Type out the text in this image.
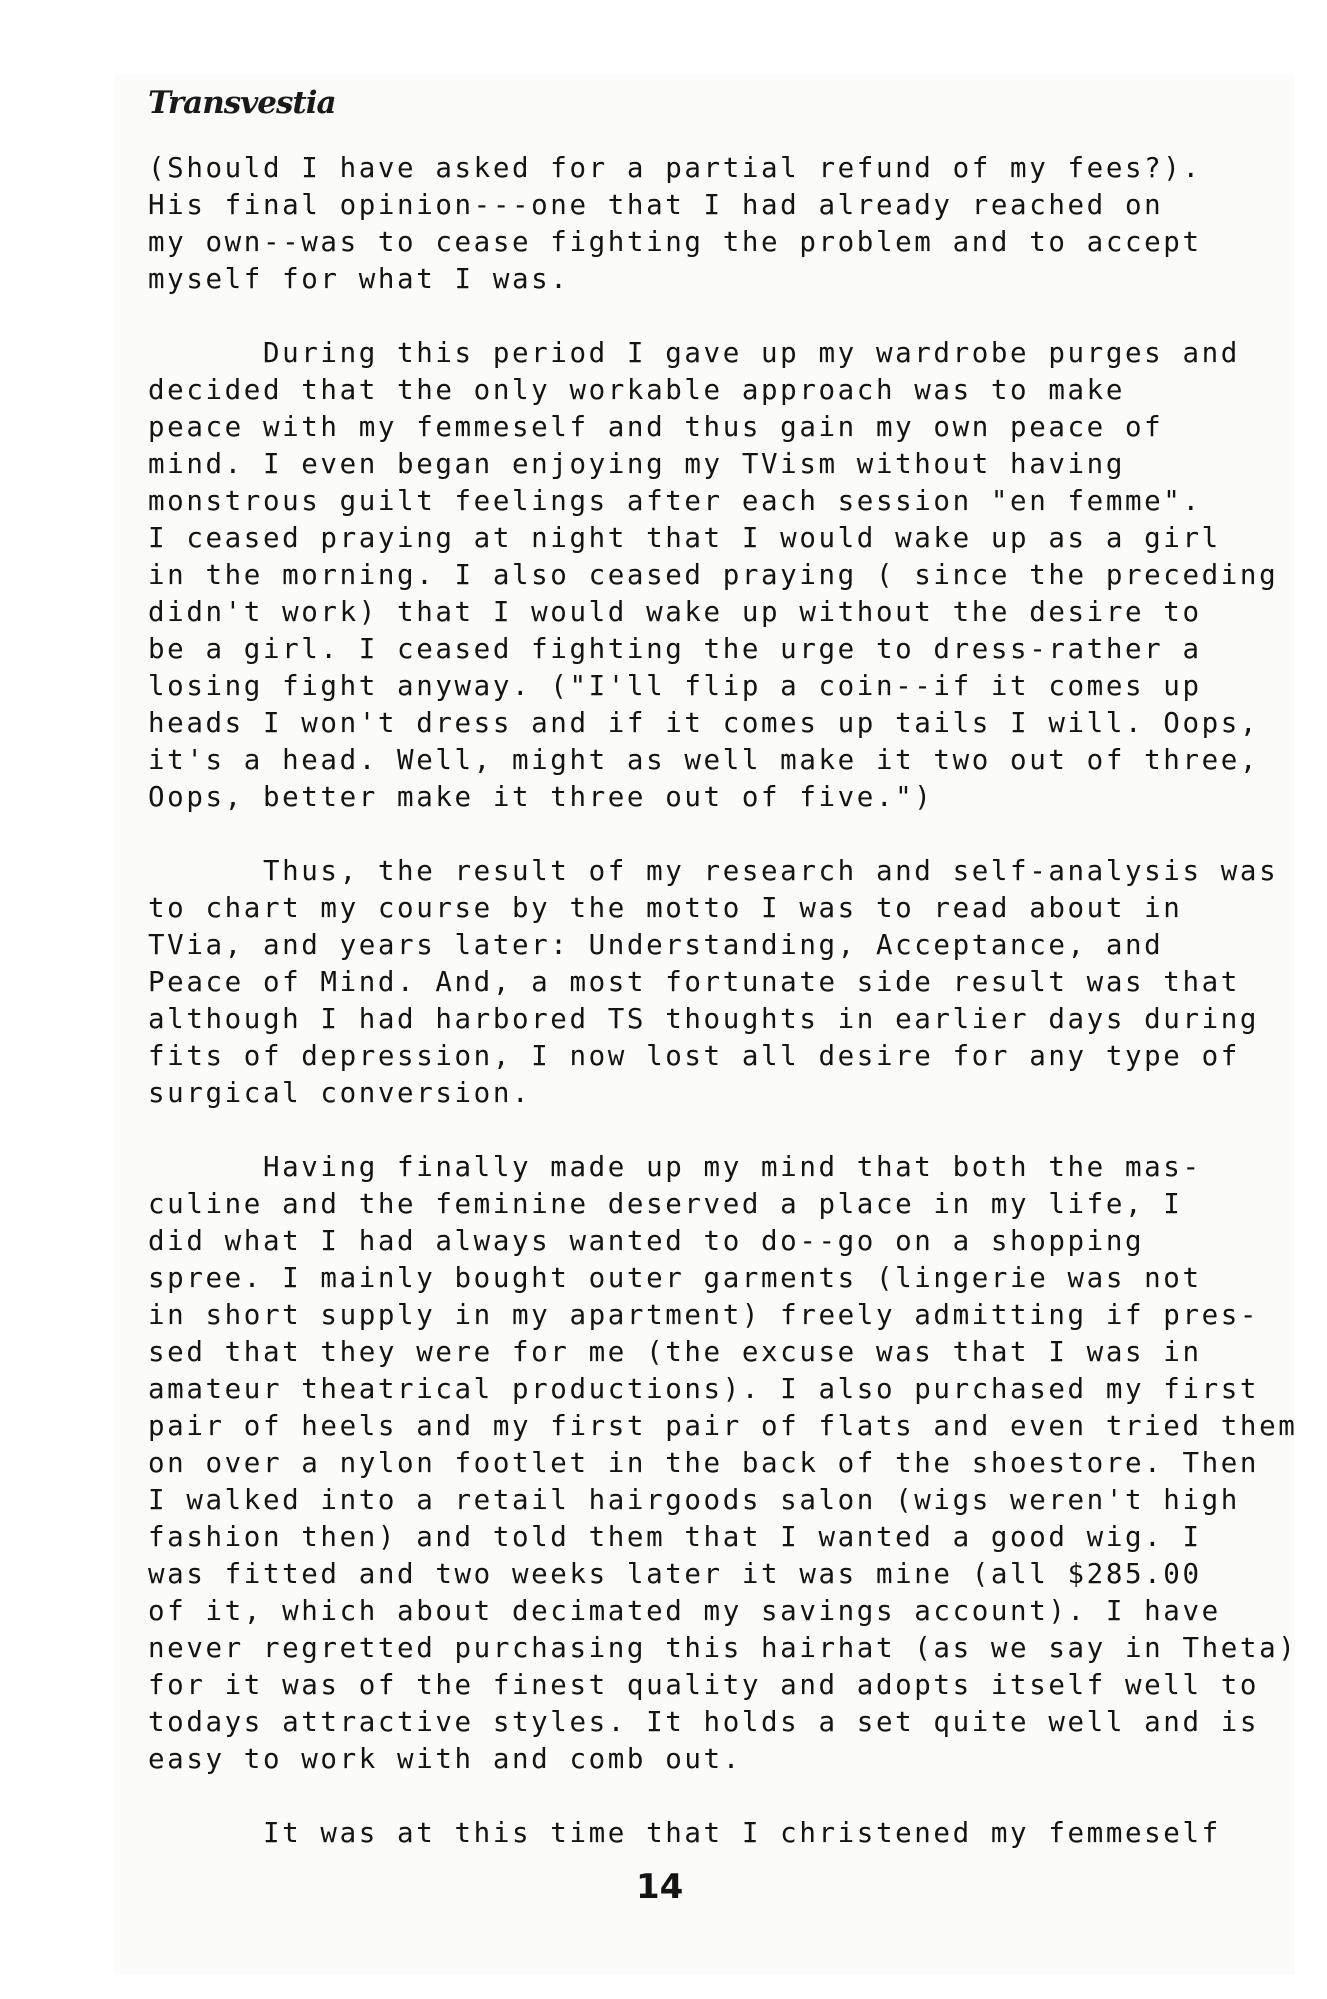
Transvestia

(Should I have asked for a partial refund of my fees?).
His final opinion---one that I had already reached on
my own--was to cease fighting the problem and to accept
myself for what I was.

During this period I gave up my wardrobe purges and
decided that the only workable approach was to make
peace with my femmeself and thus gain my own peace of
mind. I even began enjoying my TVism without having
monstrous guilt feelings after each session "en femme".
I ceased praying at night that I would wake up as a girl
in the morning. I also ceased praying ( since the preceding
didn't work) that I would wake up without the desire to
be a girl. I ceased fighting the urge to dress-rather a
losing fight anyway. ("I'll flip a coin--if it comes up
heads I won't dress and if it comes up tails I will. Oops,
it's a head. Well, might as well make it two out of three,
Oops, better make it three out of five.")

Thus, the result of my research and self-analysis was
to chart my course by the motto I was to read about in
TVia, and years later: Understanding, Acceptance, and
Peace of Mind. And, a most fortunate side result was that
although I had harbored TS thoughts in earlier days during
fits of depression, I now lost all desire for any type of
surgical conversion.

Having finally made up my mind that both the mas-
culine and the feminine deserved a place in my life, I
did what I had always wanted to do--go on a shopping
spree. I mainly bought outer garments (lingerie was not
in short supply in my apartment) freely admitting if pres-
sed that they were for me (the excuse was that I was in
amateur theatrical productions). I also purchased my first
pair of heels and my first pair of flats and even tried them
on over a nylon footlet in the back of the shoestore. Then
I walked into a retail hairgoods salon (wigs weren't high
fashion then) and told them that I wanted a good wig. I
was fitted and two weeks later it was mine (all $285.00
of it, which about decimated my savings account). I have
never regretted purchasing this hairhat (as we say in Theta)
for it was of the finest quality and adopts itself well to
todays attractive styles. It holds a set quite well and is
easy to work with and comb out.

It was at this time that I christened my femmeself

14
